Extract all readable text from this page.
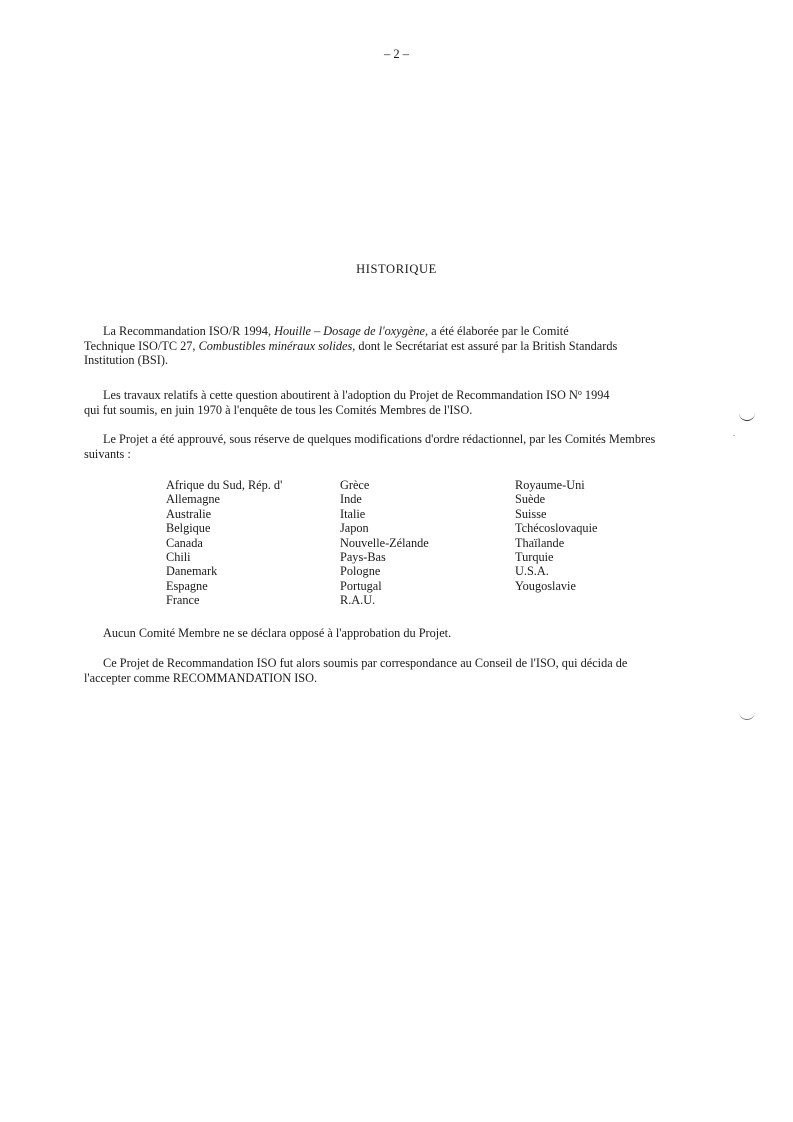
– 2 –
HISTORIQUE
La Recommandation ISO/R 1994, Houille – Dosage de l'oxygène, a été élaborée par le Comité
Technique ISO/TC 27, Combustibles minéraux solides, dont le Secrétariat est assuré par la British Standards
Institution (BSI).
Les travaux relatifs à cette question aboutirent à l'adoption du Projet de Recommandation ISO $N^o$ 1994
qui fut soumis, en juin 1970 à l'enquête de tous les Comités Membres de l'ISO.
Le Projet a été approuvé, sous réserve de quelques modifications d'ordre rédactionnel, par les Comités Membres
suivants :
Afrique du Sud, Rép. d'
Allemagne
Australie
Belgique
Canada
Chili
Danemark
Espagne
France
Grèce
Inde
Italie
Japon
Nouvelle-Zélande
Pays-Bas
Pologne
Portugal
R.A.U.
Royaume-Uni
Suède
Suisse
Tchécoslovaquie
Thaïlande
Turquie
U.S.A.
Yougoslavie
Aucun Comité Membre ne se déclara opposé à l'approbation du Projet.
Ce Projet de Recommandation ISO fut alors soumis par correspondance au Conseil de l'ISO, qui décida de
l'accepter comme RECOMMANDATION ISO.
